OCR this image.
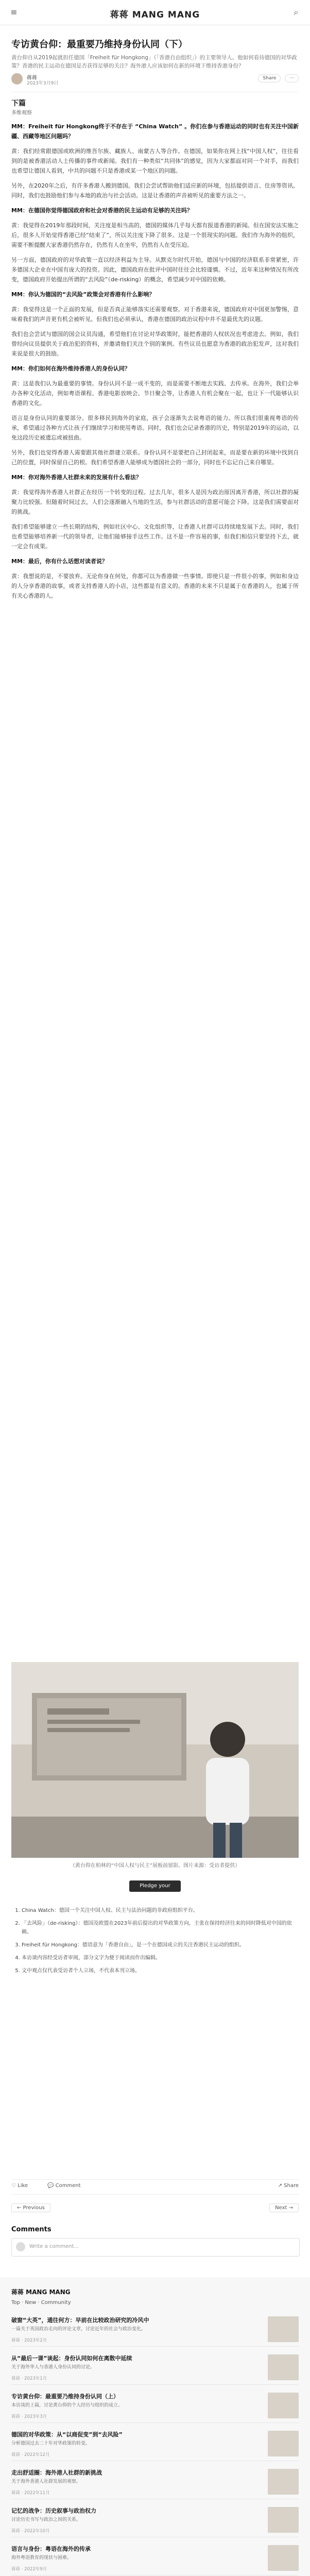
≡	蒋蒋 MANG MANG	⌕
专访黄台仰：最重要乃维持身份认同（下）
黄台仰自从2019起就担任德国「Freiheit für Hongkong」（「香港自由组织」）的主要领导人。他如何看待德国的对华政策？香港的民主运动在德国是否获得足够的关注？海外港人应该如何在新的环境下维持香港身份？
蒋蒋
2023年3月9日
Share	···
下篇
多维观察

MM：Freiheit für Hongkong终于不存在于 “China Watch” 。你们在参与香港运动的同时也有关注中国新疆、西藏等地区问题吗？

黄：我们经常跟德国或欧洲的维吾尔族、藏族人、南蒙古人等合作。在德国，如果你在网上找“中国人权”，往往看到的是被香港活动人士传播的事件或新闻。我们有一种类似“共同体”的感觉，因为大家都面对同一个对手，而我们也希望让德国人看到，中共的问题不只是香港或某一个地区的问题。

另外，在2020年之后，有许多香港人搬到德国。我们会尝试帮助他们适应新的环境，包括提供语言、住房等资讯。同时，我们也鼓励他们参与本地的政治与社会活动。这是让香港的声音被听见的重要方法之一。

MM：在德国你觉得德国政府和社会对香港的民主运动有足够的关注吗？

黄：我觉得在2019年那段时间，关注度是相当高的，德国的媒体几乎每天都有报道香港的新闻。但在国安法实施之后，很多人开始觉得香港已经“结束了”，所以关注度下降了很多。这是一个很现实的问题。我们作为海外的组织，需要不断提醒大家香港仍然存在，仍然有人在坐牢，仍然有人在受压迫。

另一方面，德国政府的对华政策一直以经济利益为主导。从默克尔时代开始，德国与中国的经济联系非常紧密，许多德国大企业在中国有庞大的投资。因此，德国政府在批评中国时往往会比较谨慎。不过，近年来这种情况有所改变，德国政府开始提出所谓的“去风险”（de-risking）的概念，希望减少对中国的依赖。

MM：你认为德国的“去风险”政策会对香港有什么影响？

黄：我觉得这是一个正面的发展，但是否真正能够落实还需要观察。对于香港来说，德国政府对中国更加警惕，意味着我们的声音更有机会被听见。但我们也必须承认，香港在德国的政治议程中并不是最优先的议题。

我们也会尝试与德国的国会议员沟通，希望他们在讨论对华政策时，能把香港的人权状况也考虑进去。例如，我们曾经向议员提供关于政治犯的资料，并邀请他们关注个别的案例。有些议员也愿意为香港的政治犯发声，这对我们来说是很大的鼓励。

MM：你们如何在海外维持香港人的身份认同？

黄：这是我们认为最重要的事情。身份认同不是一成不变的，而是需要不断地去实践、去传承。在海外，我们会举办各种文化活动，例如粤语课程、香港电影放映会、节日聚会等，让香港人有机会聚在一起，也让下一代能够认识香港的文化。

语言是身份认同的重要部分。很多移民到海外的家庭，孩子会逐渐失去说粤语的能力。所以我们很重视粤语的传承，希望通过各种方式让孩子们继续学习和使用粤语。同时，我们也会记录香港的历史，特别是2019年的运动，以免这段历史被遗忘或被扭曲。

另外，我们也觉得香港人需要跟其他社群建立联系。身份认同不是要把自己封闭起来，而是要在新的环境中找到自己的位置，同时保留自己的根。我们希望香港人能够成为德国社会的一部分，同时也不忘记自己来自哪里。

MM：你对海外香港人社群未来的发展有什么看法？

黄：我觉得海外香港人社群正在经历一个转变的过程。过去几年，很多人是因为政治原因离开香港，所以社群的凝聚力比较强。但随着时间过去，人们会逐渐融入当地的生活，参与社群活动的意愿可能会下降。这是我们需要面对的挑战。

我们希望能够建立一些长期的结构，例如社区中心、文化组织等，让香港人社群可以持续地发展下去。同时，我们也希望能够培养新一代的领导者，让他们能够接手这些工作。这不是一件容易的事，但我们相信只要坚持下去，就一定会有成果。

MM：最后，你有什么话想对读者说？

黄：我想说的是，不要放弃。无论你身在何处，你都可以为香港做一些事情。即使只是一件很小的事，例如和身边的人分享香港的故事，或者支持香港人的小店，这些都是有意义的。香港的未来不只是属于在香港的人，也属于所有关心香港的人。

（黄台仰在柏林的“中国人权与民主”展板前留影。图片来源：受访者提供）
Pledge your support
1. China Watch：德国一个关注中国人权、民主与法治问题的非政府组织平台。
2. 「去风险」（de-risking）：德国及欧盟在2023年前后提出的对华政策方向，主张在保持经济往来的同时降低对中国的依赖。
3. Freiheit für Hongkong：德语意为「香港自由」，是一个在德国成立的关注香港民主运动的组织。
4. 本访谈内容经受访者审阅，部分文字为便于阅读而作出编辑。
5. 文中观点仅代表受访者个人立场，不代表本刊立场。
♡ Like	💬 Comment	↗ Share
← Previous	Next →
Comments
Write a comment...
蒋蒋 MANG MANG
Top · New · Community
破窗“大英”，通往何方：早前在比较政治研究的冷风中
一篇关于英国政治走向的评论文章，讨论近年的社会与政治变化。
蒋蒋 · 2023年2月
从“最后一课”谈起：身份认同如何在离散中延续
关于海外华人与香港人身份认同的讨论。
蒋蒋 · 2023年1月
专访黄台仰：最重要乃维持身份认同（上）
本访谈的上篇，讨论黄台仰的个人经历与组织的成立。
蒋蒋 · 2023年3月
德国的对华政策：从“以商促变”到“去风险”
分析德国过去二十年对华政策的转变。
蒋蒋 · 2022年12月
走出舒适圈：海外港人社群的新挑战
关于海外香港人社群发展的观察。
蒋蒋 · 2022年11月
记忆的战争：历史叙事与政治权力
讨论历史书写与政治之间的关系。
蒋蒋 · 2022年10月
语言与身份：粤语在海外的传承
海外粤语教育的现状与困难。
蒋蒋 · 2022年9月
